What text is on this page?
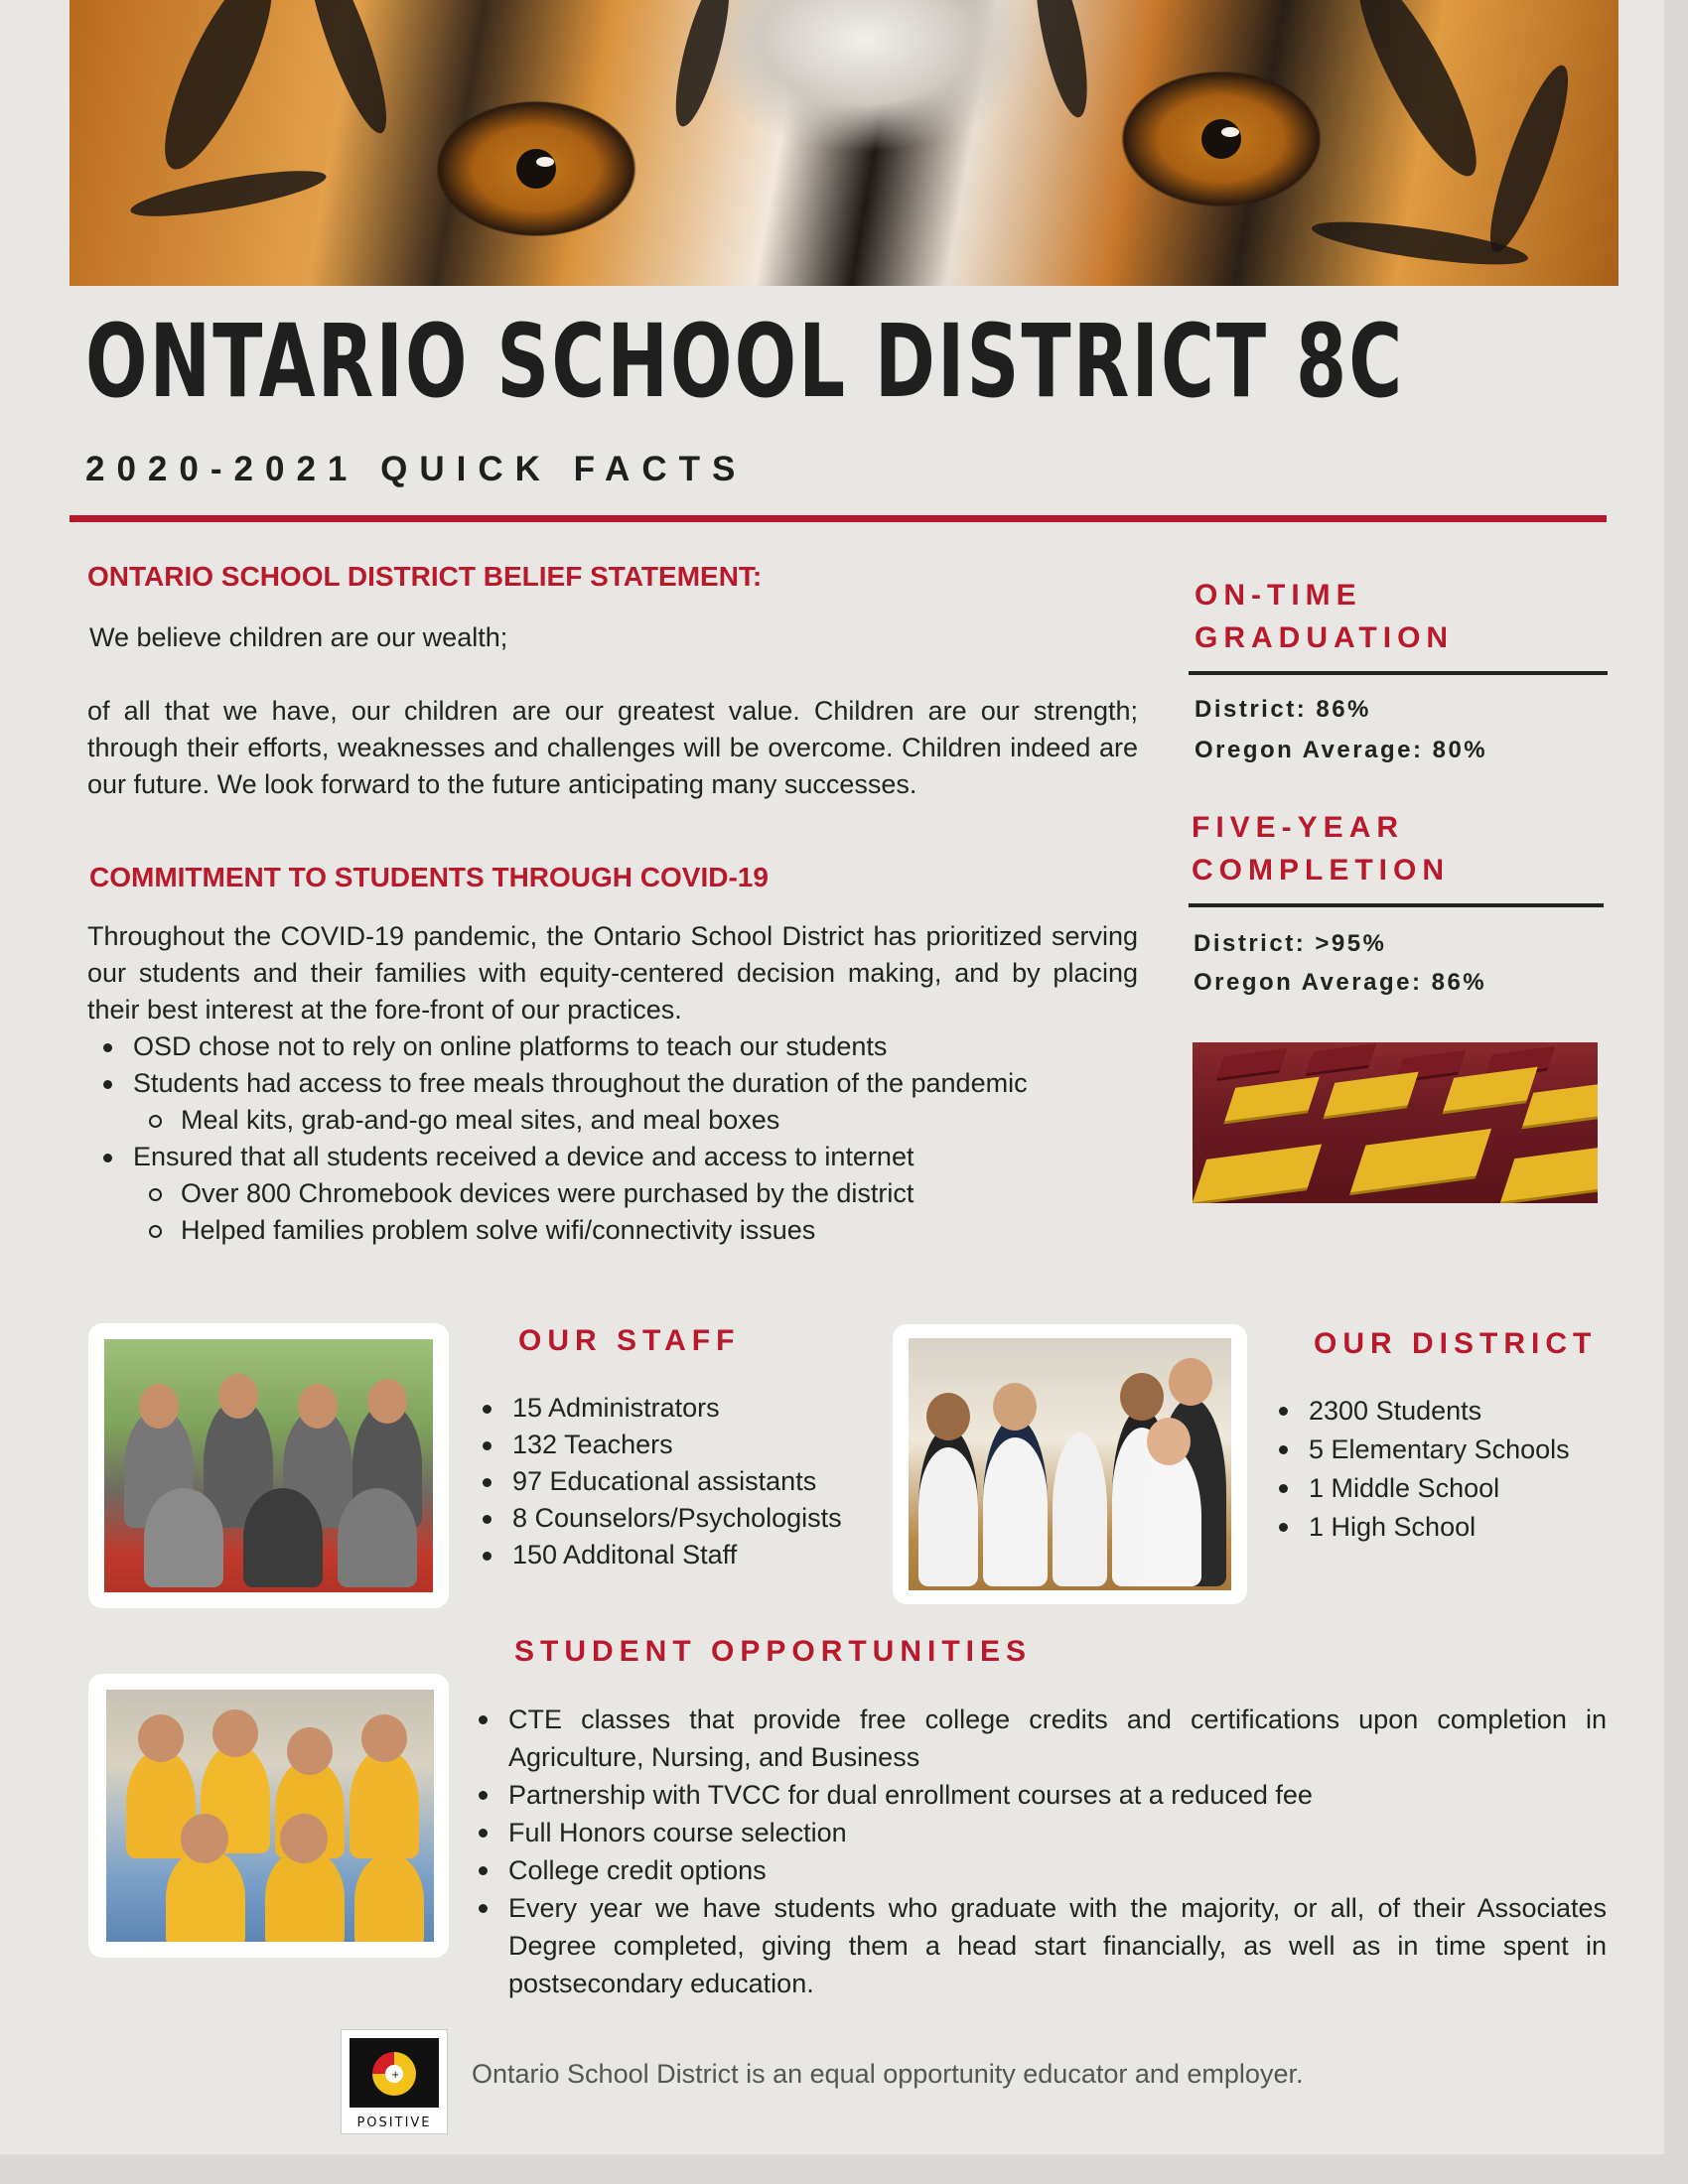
ONTARIO SCHOOL DISTRICT 8C
2020-2021 QUICK FACTS
ONTARIO SCHOOL DISTRICT BELIEF STATEMENT:
We believe children are our wealth;
of all that we have, our children are our greatest value. Children are our strength; through their efforts, weaknesses and challenges will be overcome. Children indeed are our future. We look forward to the future anticipating many successes.
COMMITMENT TO STUDENTS THROUGH COVID-19
Throughout the COVID-19 pandemic, the Ontario School District has prioritized serving our students and their families with equity-centered decision making, and by placing their best interest at the fore-front of our practices.
OSD chose not to rely on online platforms to teach our students
Students had access to free meals throughout the duration of the pandemic
Meal kits, grab-and-go meal sites, and meal boxes
Ensured that all students received a device and access to internet
Over 800 Chromebook devices were purchased by the district
Helped families problem solve wifi/connectivity issues
ON-TIME
GRADUATION
District: 86%
Oregon Average: 80%
FIVE-YEAR
COMPLETION
District: >95%
Oregon Average: 86%
OUR STAFF
15 Administrators
132 Teachers
97 Educational assistants
8 Counselors/Psychologists
150 Additonal Staff
OUR DISTRICT
2300 Students
5 Elementary Schools
1 Middle School
1 High School
STUDENT OPPORTUNITIES
CTE classes that provide free college credits and certifications upon completion in Agriculture, Nursing, and Business
Partnership with TVCC for dual enrollment courses at a reduced fee
Full Honors course selection
College credit options
Every year we have students who graduate with the majority, or all, of their Associates Degree completed, giving them a head start financially, as well as in time spent in postsecondary education.
+
POSITIVE
Ontario School District is an equal opportunity educator and employer.
